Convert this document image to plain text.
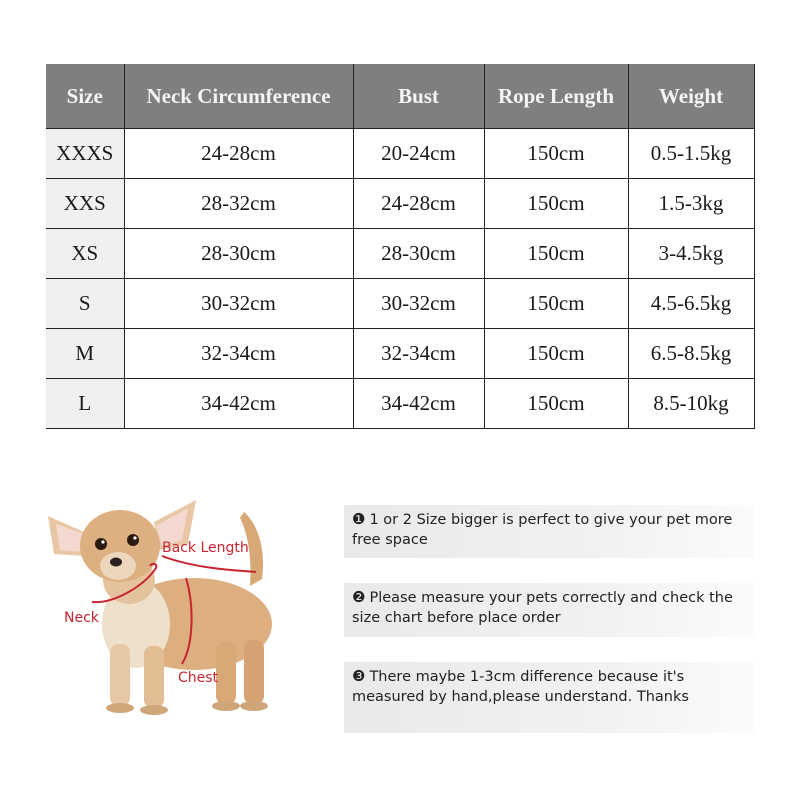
Size	Neck Circumference	Bust	Rope Length	Weight
XXXS	24-28cm	20-24cm	150cm	0.5-1.5kg
XXS	28-32cm	24-28cm	150cm	1.5-3kg
XS	28-30cm	28-30cm	150cm	3-4.5kg
S	30-32cm	30-32cm	150cm	4.5-6.5kg
M	32-34cm	32-34cm	150cm	6.5-8.5kg
L	34-42cm	34-42cm	150cm	8.5-10kg
Back Length
Neck
Chest
❶ 1 or 2 Size bigger is perfect to give your pet more free space
❷ Please measure your pets correctly and check the size chart before place order
❸ There maybe 1-3cm difference because it's measured by hand,please understand. Thanks
